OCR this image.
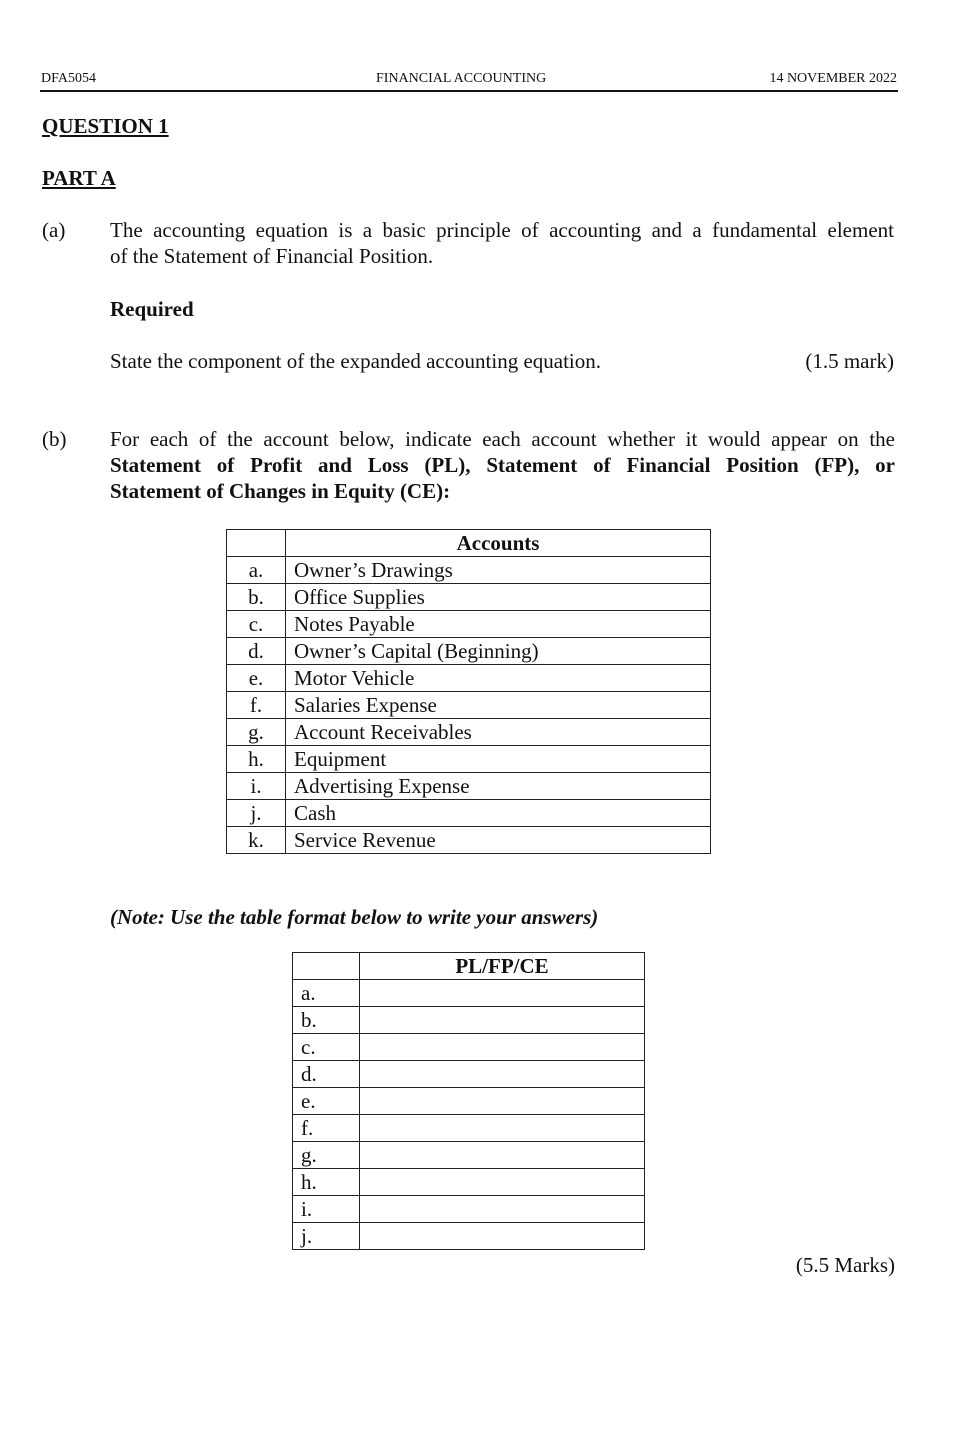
DFA5054	FINANCIAL ACCOUNTING	14 NOVEMBER 2022
QUESTION 1
PART A
(a) The accounting equation is a basic principle of accounting and a fundamental element
of the Statement of Financial Position.
Required
State the component of the expanded accounting equation.	(1.5 mark)
(b) For each of the account below, indicate each account whether it would appear on the
Statement of Profit and Loss (PL), Statement of Financial Position (FP), or
Statement of Changes in Equity (CE):
	Accounts
a.	Owner’s Drawings
b.	Office Supplies
c.	Notes Payable
d.	Owner’s Capital (Beginning)
e.	Motor Vehicle
f.	Salaries Expense
g.	Account Receivables
h.	Equipment
i.	Advertising Expense
j.	Cash
k.	Service Revenue
(Note: Use the table format below to write your answers)
	PL/FP/CE
a.	
b.	
c.	
d.	
e.	
f.	
g.	
h.	
i.	
j.	
(5.5 Marks)
